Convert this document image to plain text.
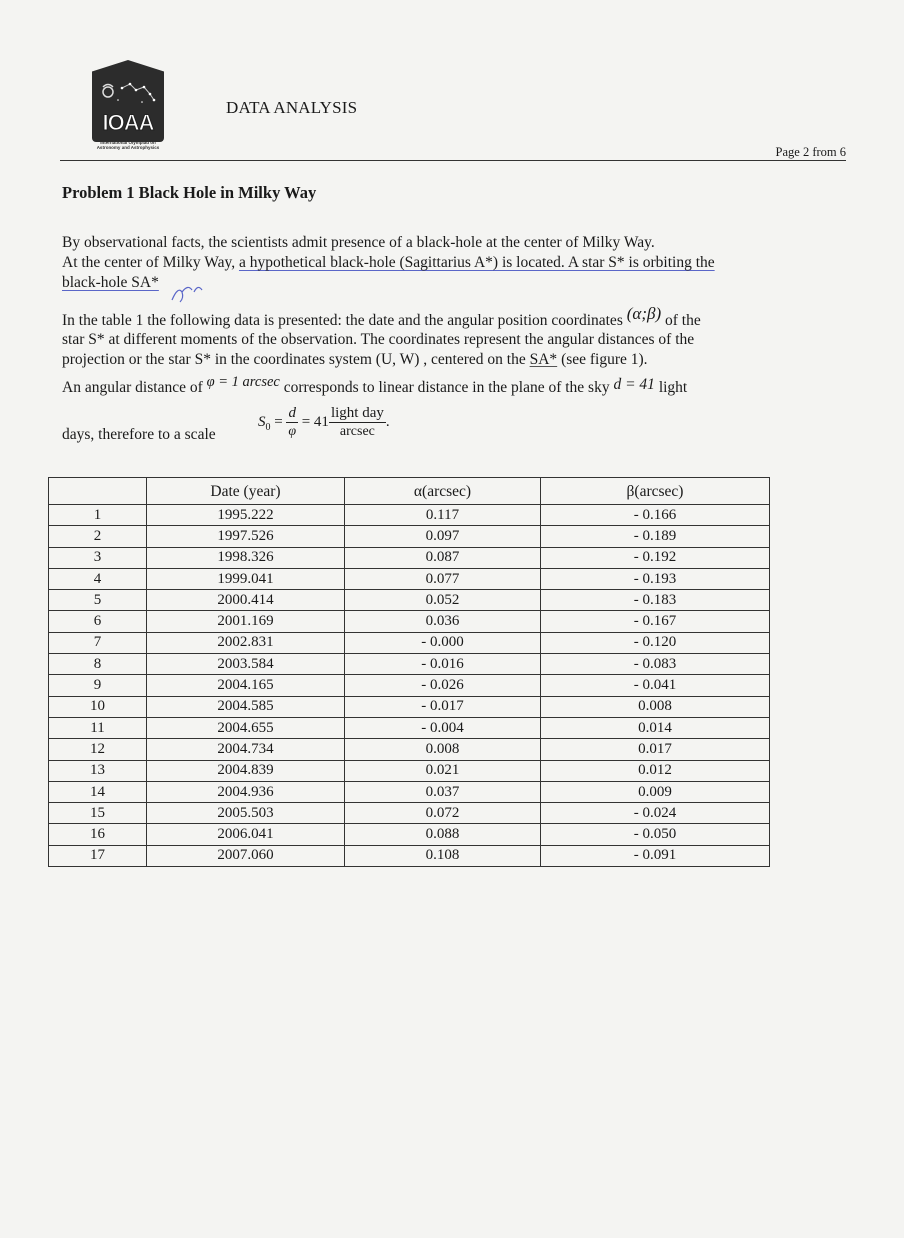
IOAA
International Olympiad on
Astronomy and Astrophysics
DATA ANALYSIS
Page 2 from 6
Problem 1 Black Hole in Milky Way
By observational facts, the scientists admit presence of a black-hole at the center of Milky Way.
At the center of Milky Way, a hypothetical black-hole (Sagittarius A*) is located. A star S* is orbiting the
black-hole SA*
In the table 1 the following data is presented: the date and the angular position coordinates (α;β) of the
star S* at different moments of the observation. The coordinates represent the angular distances of the
projection or the star S* in the coordinates system (U, W) , centered on the SA* (see figure 1).
An angular distance of φ = 1 arcsec corresponds to linear distance in the plane of the sky d = 41 light
days, therefore to a scale
$S_0 = \frac{d}{\varphi} = 41 \frac{\text{light day}}{\text{arcsec}}$ .
	Date (year)	α(arcsec)	β(arcsec)
1	1995.222	0.117	- 0.166
2	1997.526	0.097	- 0.189
3	1998.326	0.087	- 0.192
4	1999.041	0.077	- 0.193
5	2000.414	0.052	- 0.183
6	2001.169	0.036	- 0.167
7	2002.831	- 0.000	- 0.120
8	2003.584	- 0.016	- 0.083
9	2004.165	- 0.026	- 0.041
10	2004.585	- 0.017	0.008
11	2004.655	- 0.004	0.014
12	2004.734	0.008	0.017
13	2004.839	0.021	0.012
14	2004.936	0.037	0.009
15	2005.503	0.072	- 0.024
16	2006.041	0.088	- 0.050
17	2007.060	0.108	- 0.091
